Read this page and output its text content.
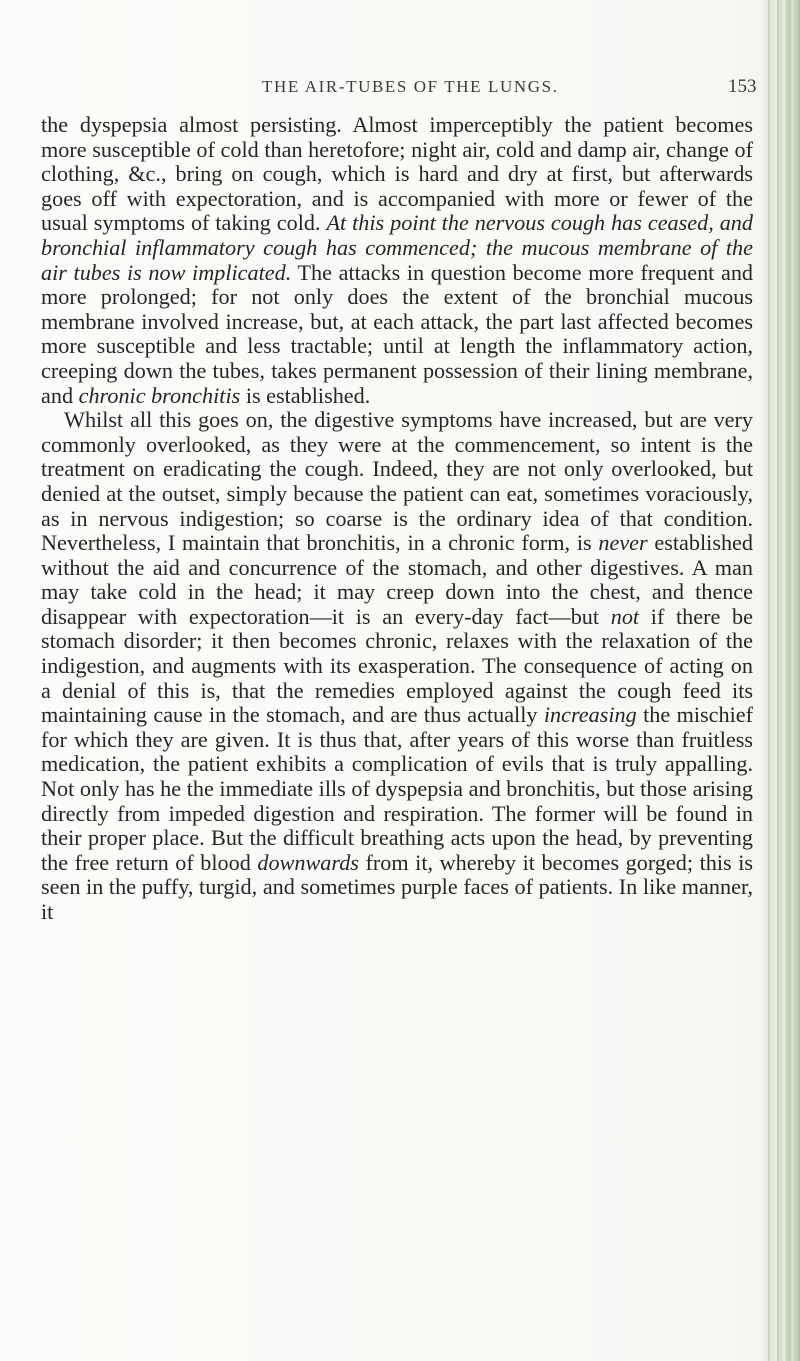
THE AIR-TUBES OF THE LUNGS.	153

the dyspepsia almost persisting. Almost imperceptibly the patient becomes more susceptible of cold than heretofore; night air, cold and damp air, change of clothing, &c., bring on cough, which is hard and dry at first, but afterwards goes off with expectoration, and is accompanied with more or fewer of the usual symptoms of taking cold. At this point the nervous cough has ceased, and bronchial inflammatory cough has commenced; the mucous membrane of the air tubes is now implicated. The attacks in question become more frequent and more prolonged; for not only does the extent of the bronchial mucous membrane involved increase, but, at each attack, the part last affected becomes more susceptible and less tractable; until at length the inflammatory action, creeping down the tubes, takes permanent possession of their lining membrane, and chronic bronchitis is established.

Whilst all this goes on, the digestive symptoms have increased, but are very commonly overlooked, as they were at the commencement, so intent is the treatment on eradicating the cough. Indeed, they are not only overlooked, but denied at the outset, simply because the patient can eat, sometimes voraciously, as in nervous indigestion; so coarse is the ordinary idea of that condition. Nevertheless, I maintain that bronchitis, in a chronic form, is never established without the aid and concurrence of the stomach, and other digestives. A man may take cold in the head; it may creep down into the chest, and thence disappear with expectoration—it is an every-day fact—but not if there be stomach disorder; it then becomes chronic, relaxes with the relaxation of the indigestion, and augments with its exasperation. The consequence of acting on a denial of this is, that the remedies employed against the cough feed its maintaining cause in the stomach, and are thus actually increasing the mischief for which they are given. It is thus that, after years of this worse than fruitless medication, the patient exhibits a complication of evils that is truly appalling. Not only has he the immediate ills of dyspepsia and bronchitis, but those arising directly from impeded digestion and respiration. The former will be found in their proper place. But the difficult breathing acts upon the head, by preventing the free return of blood downwards from it, whereby it becomes gorged; this is seen in the puffy, turgid, and sometimes purple faces of patients. In like manner, it
